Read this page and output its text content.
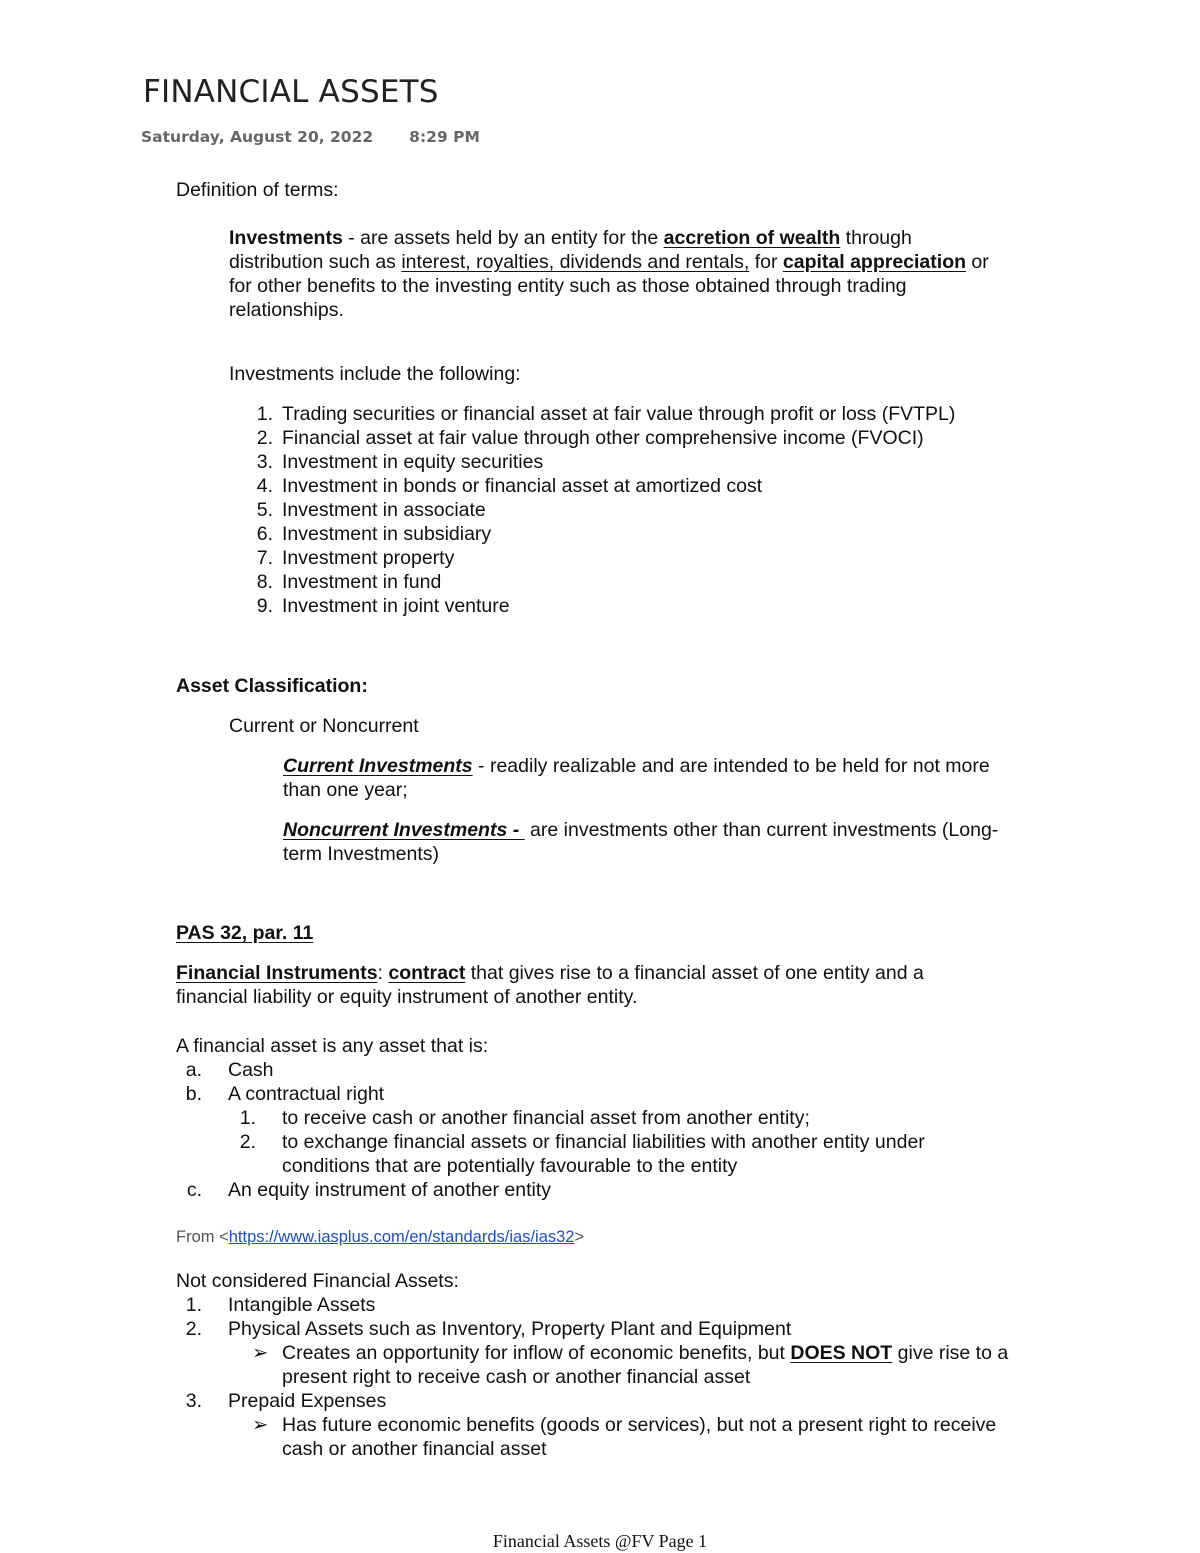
FINANCIAL ASSETS
Saturday, August 20, 2022 8:29 PM
Definition of terms:
Investments - are assets held by an entity for the accretion of wealth through
distribution such as interest, royalties, dividends and rentals, for capital appreciation or
for other benefits to the investing entity such as those obtained through trading
relationships.
Investments include the following:
1. Trading securities or financial asset at fair value through profit or loss (FVTPL)
2. Financial asset at fair value through other comprehensive income (FVOCI)
3. Investment in equity securities
4. Investment in bonds or financial asset at amortized cost
5. Investment in associate
6. Investment in subsidiary
7. Investment property
8. Investment in fund
9. Investment in joint venture
Asset Classification:
Current or Noncurrent
Current Investments - readily realizable and are intended to be held for not more
than one year;
Noncurrent Investments -  are investments other than current investments (Long-
term Investments)
PAS 32, par. 11
Financial Instruments: contract that gives rise to a financial asset of one entity and a
financial liability or equity instrument of another entity.
A financial asset is any asset that is:
a. Cash
b. A contractual right
1. to receive cash or another financial asset from another entity;
2. to exchange financial assets or financial liabilities with another entity under
conditions that are potentially favourable to the entity
c. An equity instrument of another entity
From <https://www.iasplus.com/en/standards/ias/ias32>
Not considered Financial Assets:
1. Intangible Assets
2. Physical Assets such as Inventory, Property Plant and Equipment
➢ Creates an opportunity for inflow of economic benefits, but DOES NOT give rise to a
present right to receive cash or another financial asset
3. Prepaid Expenses
➢ Has future economic benefits (goods or services), but not a present right to receive
cash or another financial asset
Financial Assets @FV Page 1
